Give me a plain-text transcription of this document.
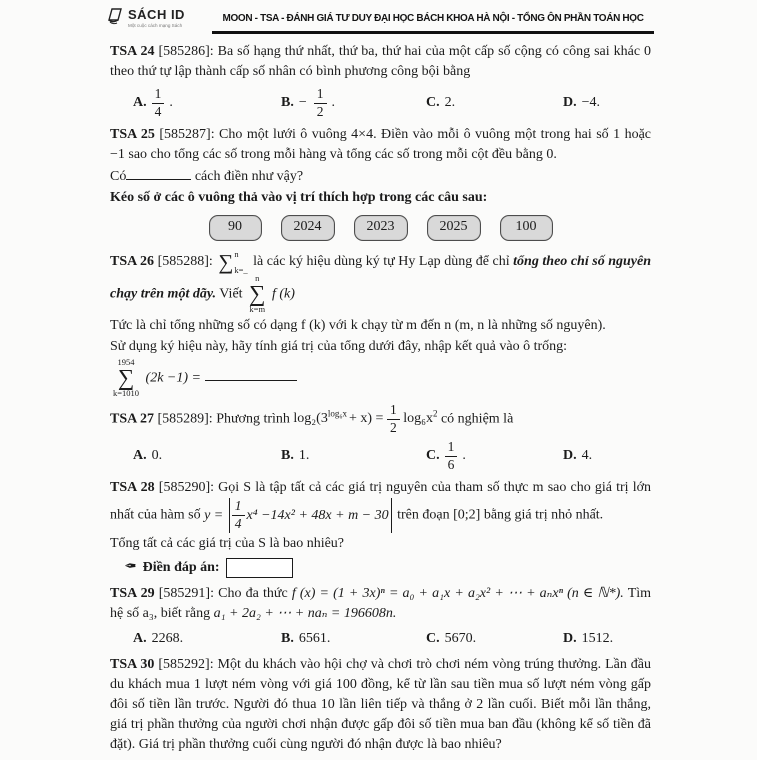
SÁCH ID
Một cuộc cách mạng Sách
MOON - TSA - ĐÁNH GIÁ TƯ DUY ĐẠI HỌC BÁCH KHOA HÀ NỘI - TỔNG ÔN PHẦN TOÁN HỌC

TSA 24 [585286]: Ba số hạng thứ nhất, thứ ba, thứ hai của một cấp số cộng có công sai khác 0 theo thứ tự lập thành cấp số nhân có bình phương công bội bằng

A. $\frac{1}{4}$ .	B. − $\frac{1}{2}$ .	C. 2.	D. −4.

TSA 25 [585287]: Cho một lưới ô vuông 4×4. Điền vào mỗi ô vuông một trong hai số 1 hoặc −1 sao cho tổng các số trong mỗi hàng và tổng các số trong mỗi cột đều bằng 0.

Có	cách điền như vậy?

Kéo số ở các ô vuông thả vào vị trí thích hợp trong các câu sau:

90	2024	2023	2025	100

TSA 26 [585288]: ∑ n
k=_
là các ký hiệu dùng ký tự Hy Lạp dùng để chỉ tổng theo chỉ số nguyên chạy trên một dãy. Viết
n
∑
k=m
f (k)

Tức là chỉ tổng những số có dạng f (k) với k chạy từ m đến n (m, n là những số nguyên).

Sử dụng ký hiệu này, hãy tính giá trị của tổng dưới đây, nhập kết quả vào ô trống:

1954
∑
k=1010
(2k −1) =

TSA 27 [585289]: Phương trình $\log_2(3^{log_6x} + x) = \frac{1}{2} \log_6x^2$ có nghiệm là

A. 0.	B. 1.	C. $\frac{1}{6}$ .	D. 4.

TSA 28 [585290]: Gọi S là tập tất cả các giá trị nguyên của tham số thực m sao cho giá trị lớn nhất của hàm số $y = \frac{1}{4} x^4 -14x^2 + 48x + m - 30$ trên đoạn [0;2] bằng giá trị nhỏ nhất.

Tổng tất cả các giá trị của S là bao nhiêu?

✒ Điền đáp án:

TSA 29 [585291]: Cho đa thức f (x) = (1 + 3x)ⁿ = a₀ + a₁x + a₂x² + ⋯ + aₙxⁿ (n ∈ ℕ*). Tìm hệ số a₃, biết rằng a₁ + 2a₂ + ⋯ + naₙ = 196608n.

A. 2268.	B. 6561.	C. 5670.	D. 1512.

TSA 30 [585292]: Một du khách vào hội chợ và chơi trò chơi ném vòng trúng thưởng. Lần đầu du khách mua 1 lượt ném vòng với giá 100 đồng, kể từ lần sau tiền mua số lượt ném vòng gấp đôi số tiền lần trước. Người đó thua 10 lần liên tiếp và thắng ở 2 lần cuối. Biết mỗi lần thắng, giá trị phần thưởng của người chơi nhận được gấp đôi số tiền mua ban đầu (không kể số tiền đã đặt). Giá trị phần thưởng cuối cùng người đó nhận được là bao nhiêu?
